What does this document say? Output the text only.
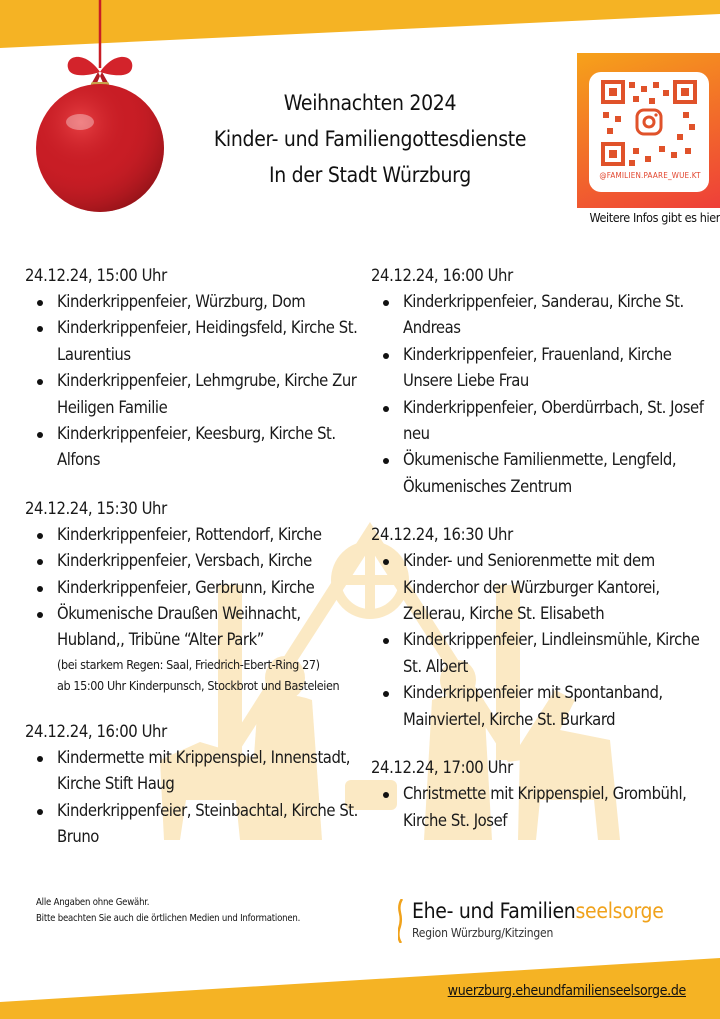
Weihnachten 2024
Kinder- und Familiengottesdienste
In der Stadt Würzburg	@FAMILIEN.PAARE_WUE.KT
Weitere Infos gibt es hier
24.12.24, 15:00 Uhr
Kinderkrippenfeier, Würzburg, Dom
Kinderkrippenfeier, Heidingsfeld, Kirche St. Laurentius
Kinderkrippenfeier, Lehmgrube, Kirche Zur Heiligen Familie
Kinderkrippenfeier, Keesburg, Kirche St. Alfons
24.12.24, 15:30 Uhr
Kinderkrippenfeier, Rottendorf, Kirche
Kinderkrippenfeier, Versbach, Kirche
Kinderkrippenfeier, Gerbrunn, Kirche
Ökumenische Draußen Weihnacht, Hubland,, Tribüne “Alter Park”
(bei starkem Regen: Saal, Friedrich-Ebert-Ring 27)
ab 15:00 Uhr Kinderpunsch, Stockbrot und Basteleien
24.12.24, 16:00 Uhr
Kindermette mit Krippenspiel, Innenstadt, Kirche Stift Haug
Kinderkrippenfeier, Steinbachtal, Kirche St. Bruno
24.12.24, 16:00 Uhr
Kinderkrippenfeier, Sanderau, Kirche St. Andreas
Kinderkrippenfeier, Frauenland, Kirche Unsere Liebe Frau
Kinderkrippenfeier, Oberdürrbach, St. Josef neu
Ökumenische Familienmette, Lengfeld, Ökumenisches Zentrum
24.12.24, 16:30 Uhr
Kinder- und Seniorenmette mit dem Kinderchor der Würzburger Kantorei, Zellerau, Kirche St. Elisabeth
Kinderkrippenfeier, Lindleinsmühle, Kirche St. Albert
Kinderkrippenfeier mit Spontanband, Mainviertel, Kirche St. Burkard
24.12.24, 17:00 Uhr
Christmette mit Krippenspiel, Grombühl, Kirche St. Josef
Alle Angaben ohne Gewähr.
Bitte beachten Sie auch die örtlichen Medien und Informationen.	Ehe- und Familienseelsorge
Region Würzburg/Kitzingen
wuerzburg.eheundfamilienseelsorge.de
